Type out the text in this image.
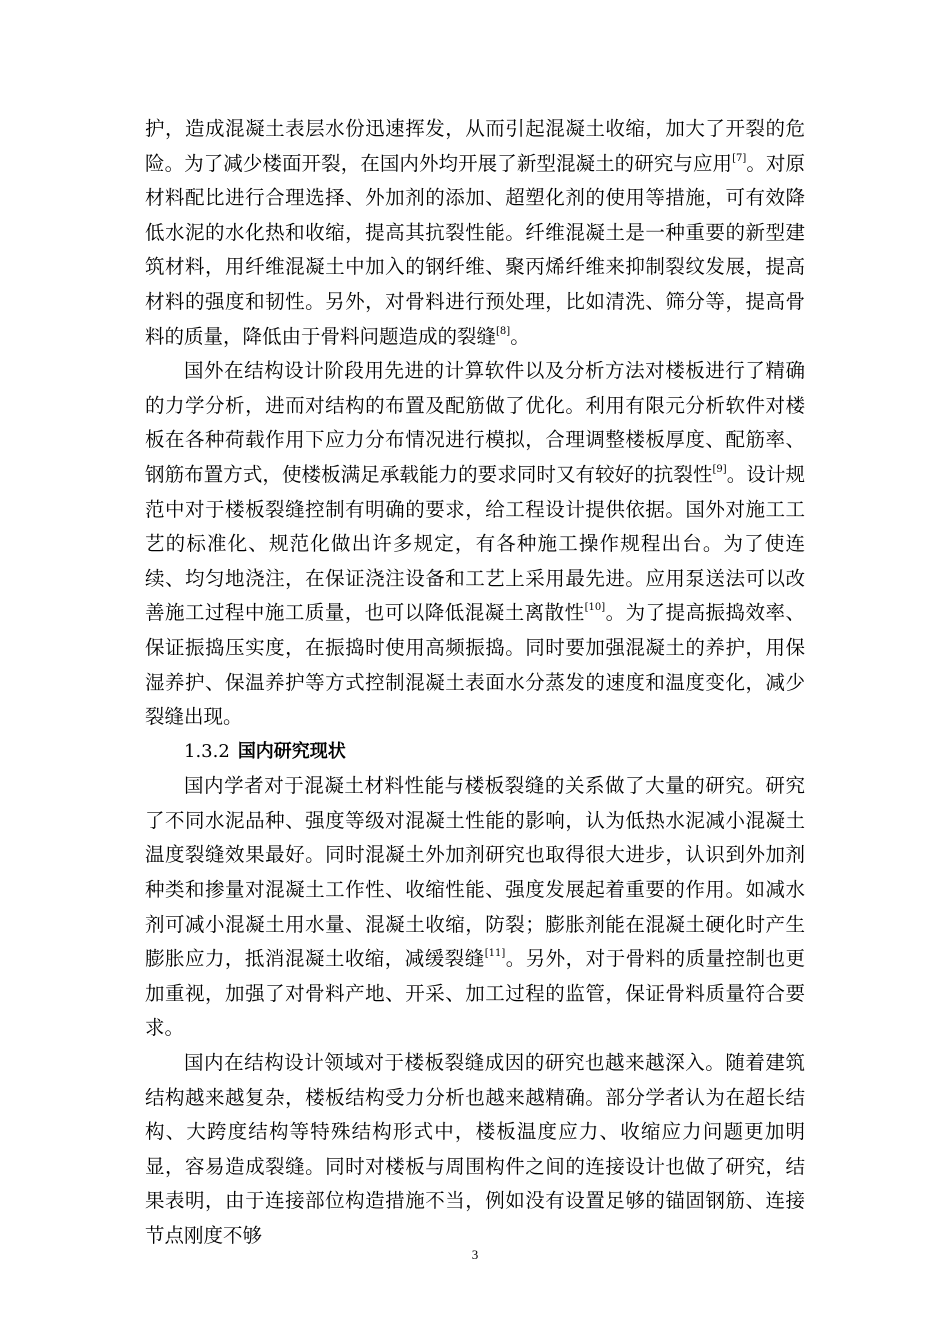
护，造成混凝土表层水份迅速挥发，从而引起混凝土收缩，加大了开裂的危险。为了减少楼面开裂，在国内外均开展了新型混凝土的研究与应用[7]。对原材料配比进行合理选择、外加剂的添加、超塑化剂的使用等措施，可有效降低水泥的水化热和收缩，提高其抗裂性能。纤维混凝土是一种重要的新型建筑材料，用纤维混凝土中加入的钢纤维、聚丙烯纤维来抑制裂纹发展，提高材料的强度和韧性。另外，对骨料进行预处理，比如清洗、筛分等，提高骨料的质量，降低由于骨料问题造成的裂缝[8]。

国外在结构设计阶段用先进的计算软件以及分析方法对楼板进行了精确的力学分析，进而对结构的布置及配筋做了优化。利用有限元分析软件对楼板在各种荷载作用下应力分布情况进行模拟，合理调整楼板厚度、配筋率、钢筋布置方式，使楼板满足承载能力的要求同时又有较好的抗裂性[9]。设计规范中对于楼板裂缝控制有明确的要求，给工程设计提供依据。国外对施工工艺的标准化、规范化做出许多规定，有各种施工操作规程出台。为了使连续、均匀地浇注，在保证浇注设备和工艺上采用最先进。应用泵送法可以改善施工过程中施工质量，也可以降低混凝土离散性[10]。为了提高振捣效率、保证振捣压实度，在振捣时使用高频振捣。同时要加强混凝土的养护，用保湿养护、保温养护等方式控制混凝土表面水分蒸发的速度和温度变化，减少裂缝出现。

1.3.2 国内研究现状

国内学者对于混凝土材料性能与楼板裂缝的关系做了大量的研究。研究了不同水泥品种、强度等级对混凝土性能的影响，认为低热水泥减小混凝土温度裂缝效果最好。同时混凝土外加剂研究也取得很大进步，认识到外加剂种类和掺量对混凝土工作性、收缩性能、强度发展起着重要的作用。如减水剂可减小混凝土用水量、混凝土收缩，防裂；膨胀剂能在混凝土硬化时产生膨胀应力，抵消混凝土收缩，减缓裂缝[11]。另外，对于骨料的质量控制也更加重视，加强了对骨料产地、开采、加工过程的监管，保证骨料质量符合要求。

国内在结构设计领域对于楼板裂缝成因的研究也越来越深入。随着建筑结构越来越复杂，楼板结构受力分析也越来越精确。部分学者认为在超长结构、大跨度结构等特殊结构形式中，楼板温度应力、收缩应力问题更加明显，容易造成裂缝。同时对楼板与周围构件之间的连接设计也做了研究，结果表明，由于连接部位构造措施不当，例如没有设置足够的锚固钢筋、连接节点刚度不够

3
